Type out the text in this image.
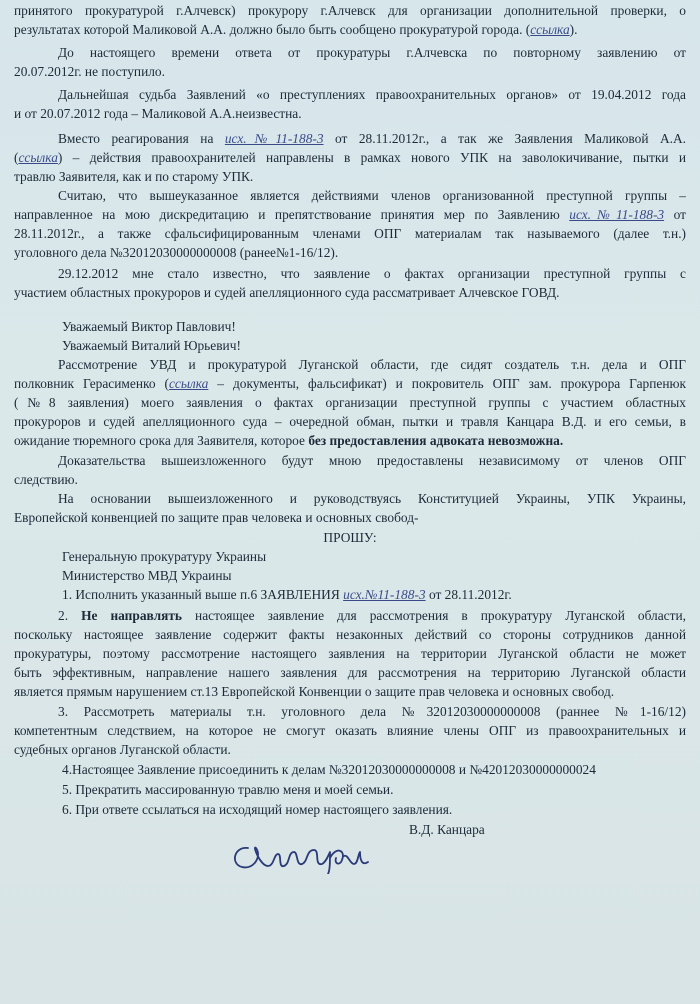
принятого прокуратурой г.Алчевск) прокурору г.Алчевск для организации дополнительной проверки, о
результатах которой Маликовой А.А. должно было быть сообщено прокуратурой города. (ссылка).
До настоящего времени ответа от прокуратуры г.Алчевска по повторному заявлению от
20.07.2012г. не поступило.
Дальнейшая судьба Заявлений «о преступлениях правоохранительных органов» от 19.04.2012 года
и от 20.07.2012 года – Маликовой А.А.неизвестна.
Вместо реагирования на исх.№11-188-3 от 28.11.2012г., а так же Заявления Маликовой А.А.
(ссылка) – действия правоохранителей направлены в рамках нового УПК на заволокичивание, пытки и
травлю Заявителя, как и по старому УПК.
Считаю, что вышеуказанное является действиями членов организованной преступной группы –
направленное на мою дискредитацию и препятствование принятия мер по Заявлению исх.№11-188-3 от
28.11.2012г., а также сфальсифицированным членами ОПГ материалам так называемого (далее т.н.)
уголовного дела №32012030000000008 (ранее№1-16/12).
29.12.2012 мне стало известно, что заявление о фактах организации преступной группы с
участием областных прокуроров и судей апелляционного суда рассматривает Алчевское ГОВД.
Уважаемый Виктор Павлович!
Уважаемый Виталий Юрьевич!
Рассмотрение УВД и прокуратурой Луганской области, где сидят создатель т.н. дела и ОПГ
полковник Герасименко (ссылка – документы, фальсификат) и покровитель ОПГ зам. прокурора Гарпенюк
(№8 заявления) моего заявления о фактах организации преступной группы с участием областных
прокуроров и судей апелляционного суда – очередной обман, пытки и травля Канцара В.Д. и его семьи, в
ожидание тюремного срока для Заявителя, которое без предоставления адвоката невозможна.
Доказательства вышеизложенного будут мною предоставлены независимому от членов ОПГ
следствию.
На основании вышеизложенного и руководствуясь Конституцией Украины, УПК Украины,
Европейской конвенцией по защите прав человека и основных свобод-
ПРОШУ:
Генеральную прокуратуру Украины
Министерство МВД Украины
1. Исполнить указанный выше п.6 ЗАЯВЛЕНИЯ исх.№11-188-3 от 28.11.2012г.
2. Не направлять настоящее заявление для рассмотрения в прокуратуру Луганской области,
поскольку настоящее заявление содержит факты незаконных действий со стороны сотрудников данной
прокуратуры, поэтому рассмотрение настоящего заявления на территории Луганской области не может
быть эффективным, направление нашего заявления для рассмотрения на территорию Луганской области
является прямым нарушением ст.13 Европейской Конвенции о защите прав человека и основных свобод.
3. Рассмотреть материалы т.н. уголовного дела №32012030000000008 (раннее №1-16/12)
компетентным следствием, на которое не смогут оказать влияние члены ОПГ из правоохранительных и
судебных органов Луганской области.
4.Настоящее Заявление присоединить к делам №32012030000000008 и №42012030000000024
5. Прекратить массированную травлю меня и моей семьи.
6. При ответе ссылаться на исходящий номер настоящего заявления.
В.Д. Канцара
